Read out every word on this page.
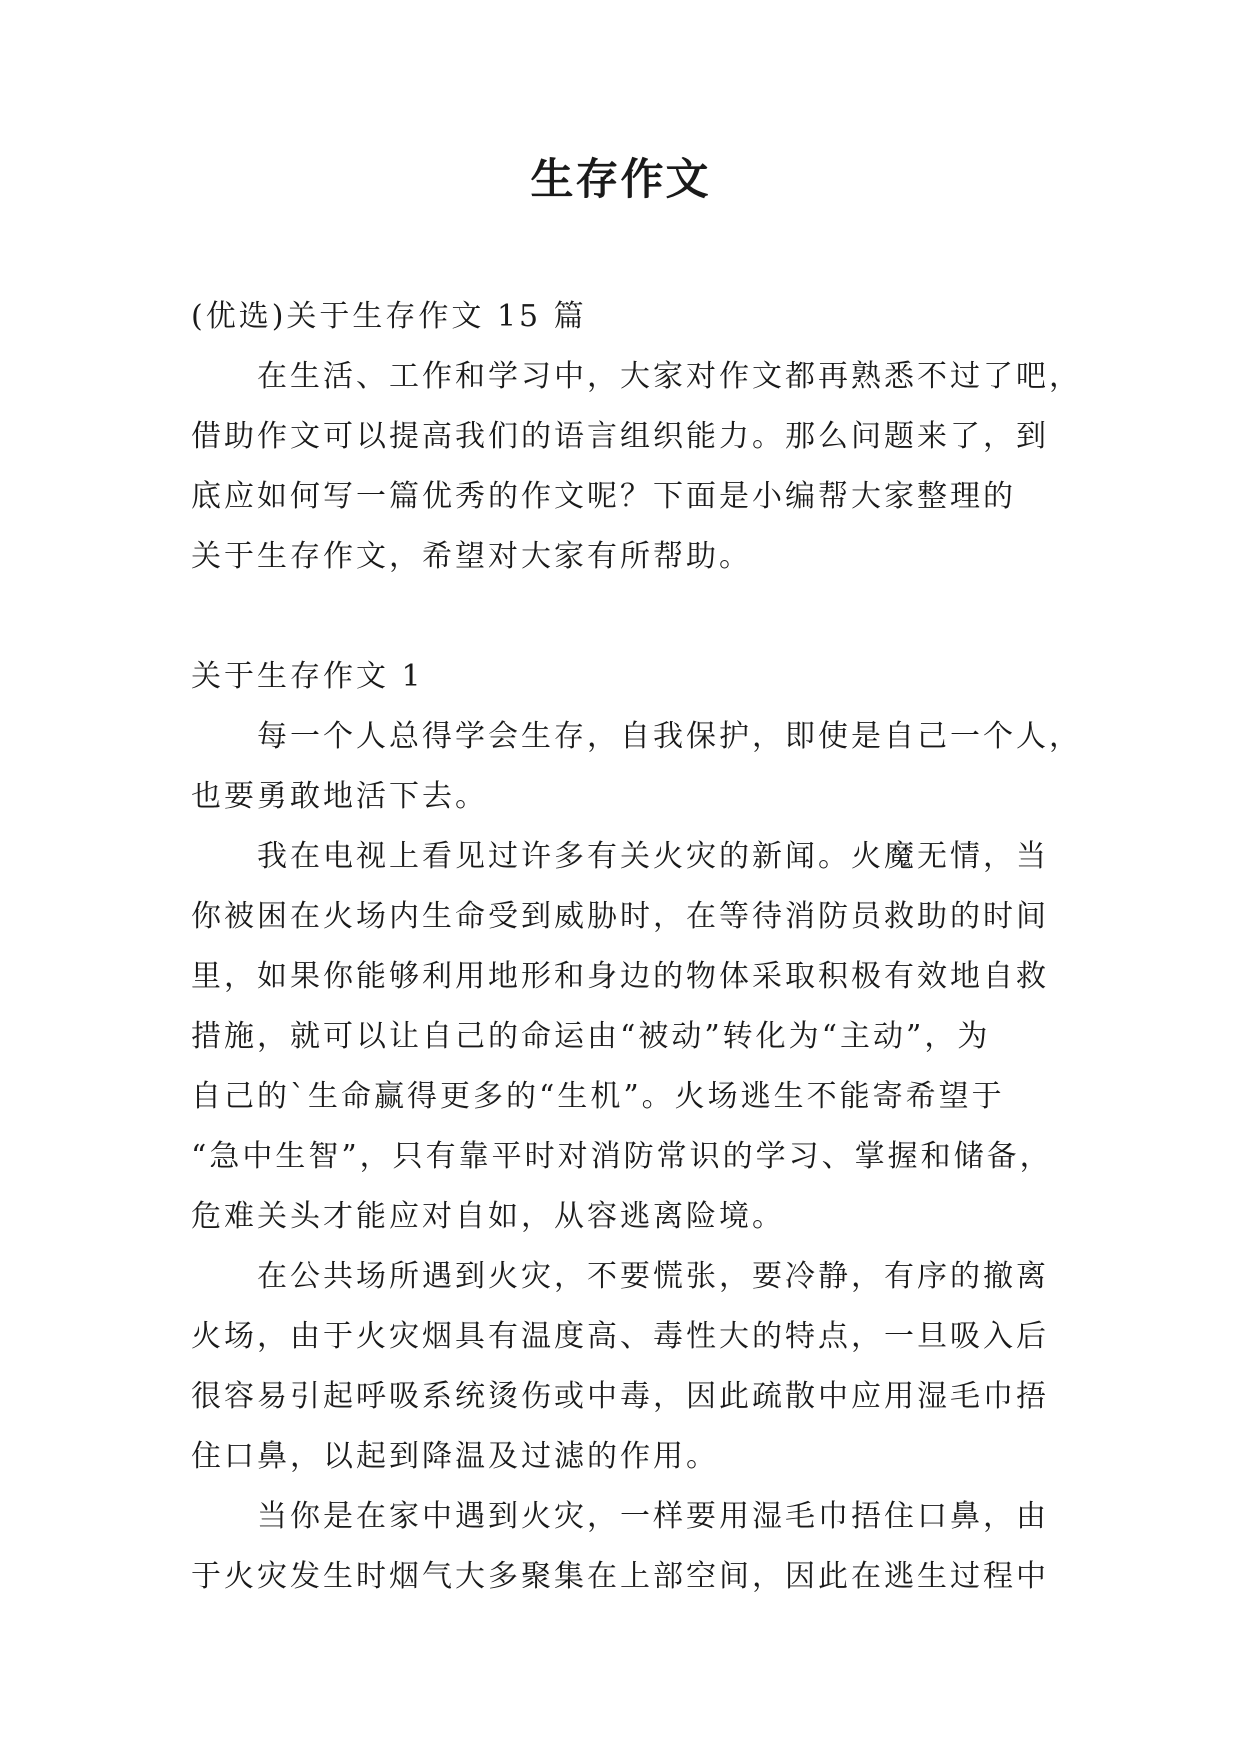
生存作文

(优选)关于生存作文 15 篇

在生活、工作和学习中，大家对作文都再熟悉不过了吧，

借助作文可以提高我们的语言组织能力。那么问题来了，到

底应如何写一篇优秀的作文呢？下面是小编帮大家整理的

关于生存作文，希望对大家有所帮助。

关于生存作文 1

每一个人总得学会生存，自我保护，即使是自己一个人，

也要勇敢地活下去。

我在电视上看见过许多有关火灾的新闻。火魔无情，当

你被困在火场内生命受到威胁时，在等待消防员救助的时间

里，如果你能够利用地形和身边的物体采取积极有效地自救

措施，就可以让自己的命运由“被动”转化为“主动”，为

自己的`生命赢得更多的“生机”。火场逃生不能寄希望于

“急中生智”，只有靠平时对消防常识的学习、掌握和储备，

危难关头才能应对自如，从容逃离险境。

在公共场所遇到火灾，不要慌张，要冷静，有序的撤离

火场，由于火灾烟具有温度高、毒性大的特点，一旦吸入后

很容易引起呼吸系统烫伤或中毒，因此疏散中应用湿毛巾捂

住口鼻，以起到降温及过滤的作用。

当你是在家中遇到火灾，一样要用湿毛巾捂住口鼻，由

于火灾发生时烟气大多聚集在上部空间，因此在逃生过程中
